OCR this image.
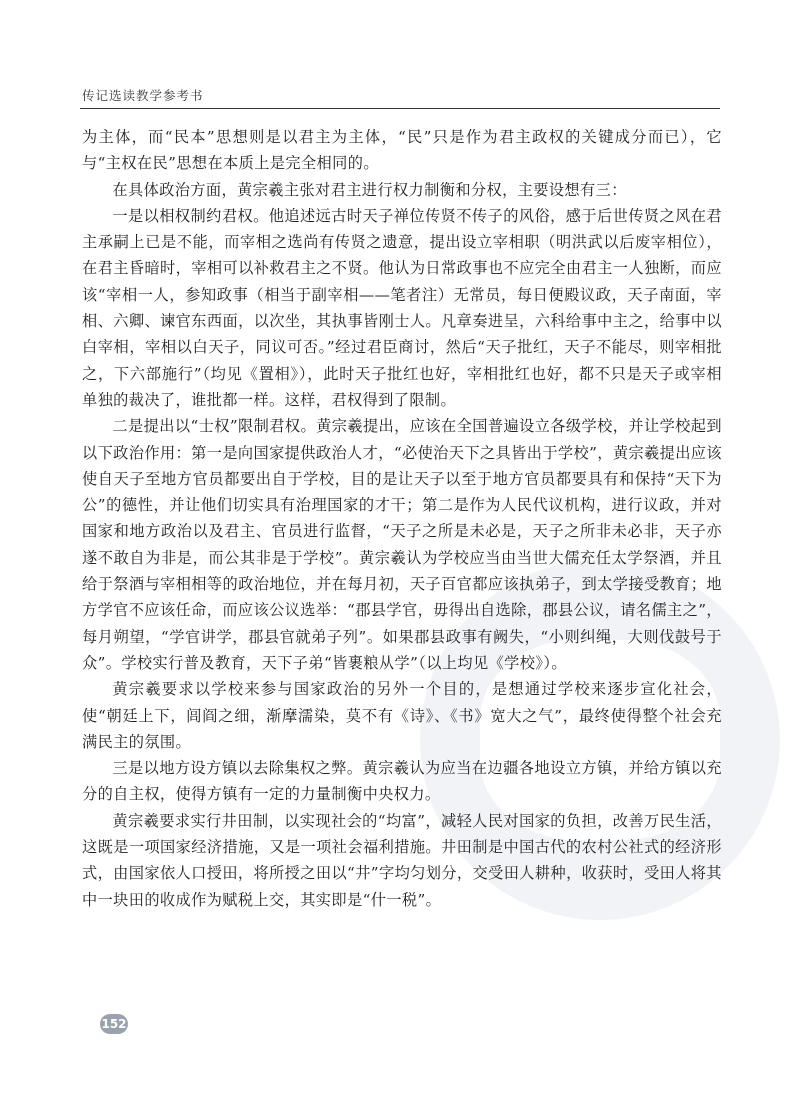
传记选读教学参考书

为主体，而“民本”思想则是以君主为主体，“民”只是作为君主政权的关键成分而已），它与“主权在民”思想在本质上是完全相同的。

在具体政治方面，黄宗羲主张对君主进行权力制衡和分权，主要设想有三：

一是以相权制约君权。他追述远古时天子禅位传贤不传子的风俗，感于后世传贤之风在君主承嗣上已是不能，而宰相之选尚有传贤之遗意，提出设立宰相职（明洪武以后废宰相位），在君主昏暗时，宰相可以补救君主之不贤。他认为日常政事也不应完全由君主一人独断，而应该“宰相一人，参知政事（相当于副宰相——笔者注）无常员，每日便殿议政，天子南面，宰相、六卿、谏官东西面，以次坐，其执事皆刚士人。凡章奏进呈，六科给事中主之，给事中以白宰相，宰相以白天子，同议可否。”经过君臣商讨，然后“天子批红，天子不能尽，则宰相批之，下六部施行”（均见《置相》），此时天子批红也好，宰相批红也好，都不只是天子或宰相单独的裁决了，谁批都一样。这样，君权得到了限制。

二是提出以“士权”限制君权。黄宗羲提出，应该在全国普遍设立各级学校，并让学校起到以下政治作用：第一是向国家提供政治人才，“必使治天下之具皆出于学校”，黄宗羲提出应该使自天子至地方官员都要出自于学校，目的是让天子以至于地方官员都要具有和保持“天下为公”的德性，并让他们切实具有治理国家的才干；第二是作为人民代议机构，进行议政，并对国家和地方政治以及君主、官员进行监督，“天子之所是未必是，天子之所非未必非，天子亦遂不敢自为非是，而公其非是于学校”。黄宗羲认为学校应当由当世大儒充任太学祭酒，并且给于祭酒与宰相相等的政治地位，并在每月初，天子百官都应该执弟子，到太学接受教育；地方学官不应该任命，而应该公议选举：“郡县学官，毋得出自选除，郡县公议，请名儒主之”，每月朔望，“学官讲学，郡县官就弟子列”。如果郡县政事有阙失，“小则纠绳，大则伐鼓号于众”。学校实行普及教育，天下子弟“皆裹粮从学”（以上均见《学校》）。

黄宗羲要求以学校来参与国家政治的另外一个目的，是想通过学校来逐步宣化社会，使“朝廷上下，闾阎之细，渐摩濡染，莫不有《诗》、《书》宽大之气”，最终使得整个社会充满民主的氛围。

三是以地方设方镇以去除集权之弊。黄宗羲认为应当在边疆各地设立方镇，并给方镇以充分的自主权，使得方镇有一定的力量制衡中央权力。

黄宗羲要求实行井田制，以实现社会的“均富”，减轻人民对国家的负担，改善万民生活，这既是一项国家经济措施，又是一项社会福利措施。井田制是中国古代的农村公社式的经济形式，由国家依人口授田，将所授之田以“井”字均匀划分，交受田人耕种，收获时，受田人将其中一块田的收成作为赋税上交，其实即是“什一税”。

152
